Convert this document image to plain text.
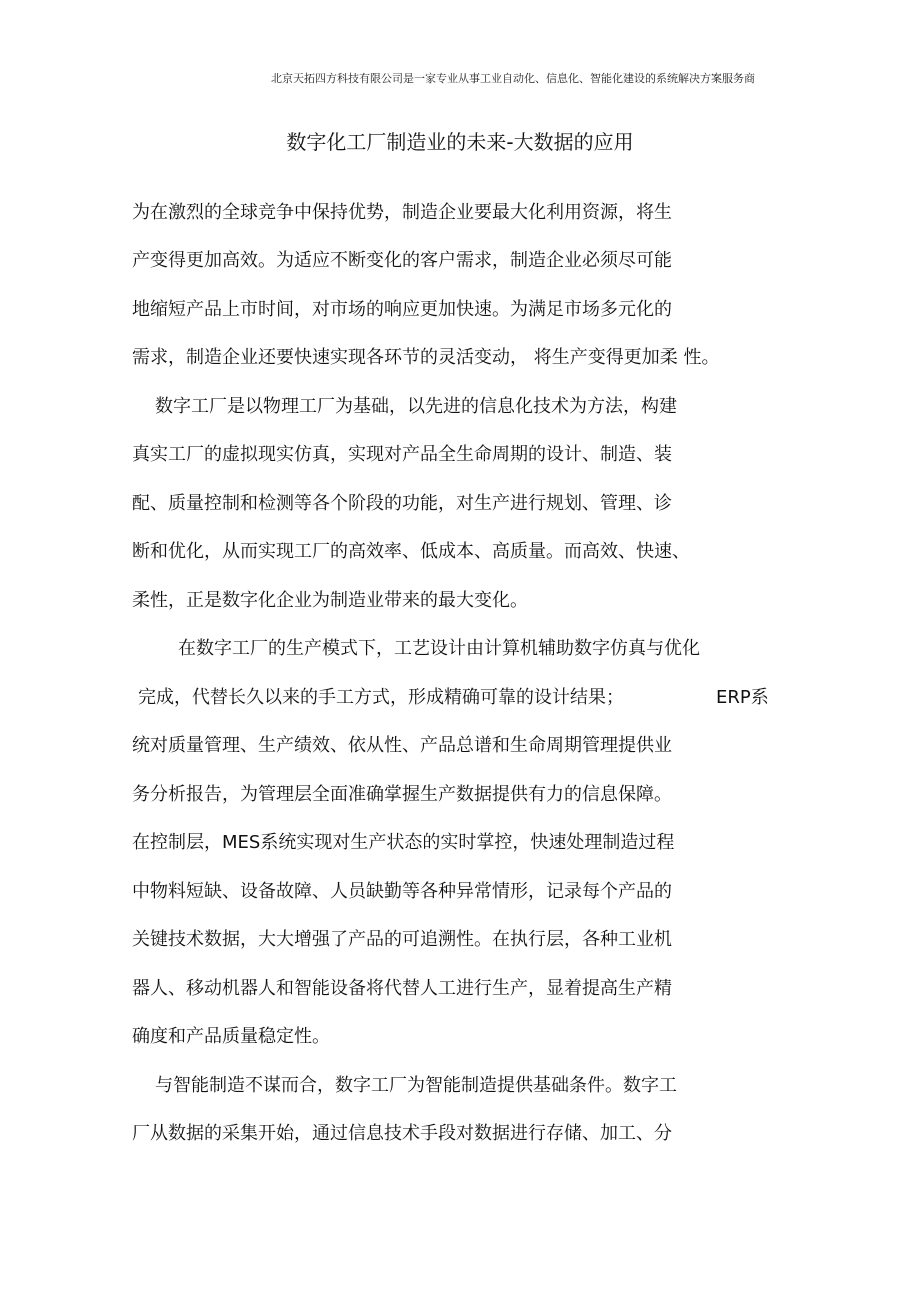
北京天拓四方科技有限公司是一家专业从事工业自动化、信息化、智能化建设的系统解决方案服务商
数字化工厂制造业的未来-大数据的应用
为在激烈的全球竞争中保持优势，制造企业要最大化利用资源，将生
产变得更加高效。为适应不断变化的客户需求，制造企业必须尽可能
地缩短产品上市时间，对市场的响应更加快速。为满足市场多元化的
需求，制造企业还要快速实现各环节的灵活变动， 将生产变得更加柔 性。
数字工厂是以物理工厂为基础，以先进的信息化技术为方法，构建
真实工厂的虚拟现实仿真，实现对产品全生命周期的设计、制造、装
配、质量控制和检测等各个阶段的功能，对生产进行规划、管理、诊
断和优化，从而实现工厂的高效率、低成本、高质量。而高效、快速、
柔性，正是数字化企业为制造业带来的最大变化。
在数字工厂的生产模式下，工艺设计由计算机辅助数字仿真与优化
完成，代替长久以来的手工方式，形成精确可靠的设计结果；	ERP系
统对质量管理、生产绩效、依从性、产品总谱和生命周期管理提供业
务分析报告，为管理层全面准确掌握生产数据提供有力的信息保障。
在控制层，MES系统实现对生产状态的实时掌控，快速处理制造过程
中物料短缺、设备故障、人员缺勤等各种异常情形，记录每个产品的
关键技术数据，大大增强了产品的可追溯性。在执行层，各种工业机
器人、移动机器人和智能设备将代替人工进行生产，显着提高生产精
确度和产品质量稳定性。
与智能制造不谋而合，数字工厂为智能制造提供基础条件。数字工
厂从数据的采集开始，通过信息技术手段对数据进行存储、加工、分
